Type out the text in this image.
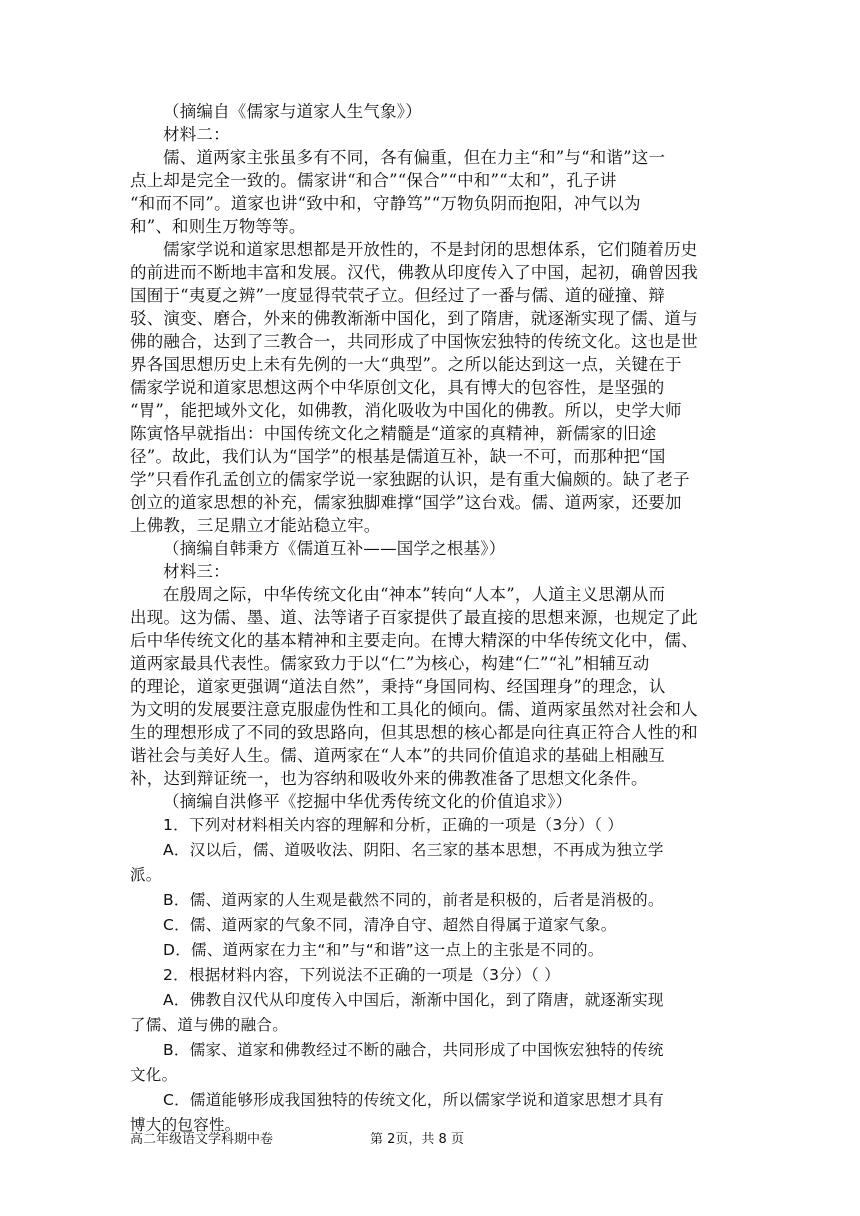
（摘编自《儒家与道家人生气象》）
材料二：
儒、道两家主张虽多有不同，各有偏重，但在力主“和”与“和谐”这一
点上却是完全一致的。儒家讲“和合”“保合”“中和”“太和”，孔子讲
“和而不同”。道家也讲“致中和，守静笃”“万物负阴而抱阳，冲气以为
和”、和则生万物等等。
儒家学说和道家思想都是开放性的，不是封闭的思想体系，它们随着历史
的前进而不断地丰富和发展。汉代，佛教从印度传入了中国，起初，确曾因我
国囿于“夷夏之辨”一度显得茕茕孑立。但经过了一番与儒、道的碰撞、辩
驳、演变、磨合，外来的佛教渐渐中国化，到了隋唐，就逐渐实现了儒、道与
佛的融合，达到了三教合一，共同形成了中国恢宏独特的传统文化。这也是世
界各国思想历史上未有先例的一大“典型”。之所以能达到这一点，关键在于
儒家学说和道家思想这两个中华原创文化，具有博大的包容性，是坚强的
“胃”，能把域外文化，如佛教，消化吸收为中国化的佛教。所以，史学大师
陈寅恪早就指出：中国传统文化之精髓是“道家的真精神，新儒家的旧途
径”。故此，我们认为“国学”的根基是儒道互补，缺一不可，而那种把“国
学”只看作孔孟创立的儒家学说一家独踞的认识，是有重大偏颇的。缺了老子
创立的道家思想的补充，儒家独脚难撑“国学”这台戏。儒、道两家，还要加
上佛教，三足鼎立才能站稳立牢。
（摘编自韩秉方《儒道互补——国学之根基》）
材料三：
在殷周之际，中华传统文化由“神本”转向“人本”，人道主义思潮从而
出现。这为儒、墨、道、法等诸子百家提供了最直接的思想来源，也规定了此
后中华传统文化的基本精神和主要走向。在博大精深的中华传统文化中，儒、
道两家最具代表性。儒家致力于以“仁”为核心，构建“仁”“礼”相辅互动
的理论，道家更强调“道法自然”，秉持“身国同构、经国理身”的理念，认
为文明的发展要注意克服虚伪性和工具化的倾向。儒、道两家虽然对社会和人
生的理想形成了不同的致思路向，但其思想的核心都是向往真正符合人性的和
谐社会与美好人生。儒、道两家在“人本”的共同价值追求的基础上相融互
补，达到辩证统一，也为容纳和吸收外来的佛教准备了思想文化条件。
（摘编自洪修平《挖掘中华优秀传统文化的价值追求》）
1．下列对材料相关内容的理解和分析，正确的一项是（3分）（ ）
A．汉以后，儒、道吸收法、阴阳、名三家的基本思想，不再成为独立学
派。
B．儒、道两家的人生观是截然不同的，前者是积极的，后者是消极的。
C．儒、道两家的气象不同，清净自守、超然自得属于道家气象。
D．儒、道两家在力主“和”与“和谐”这一点上的主张是不同的。
2．根据材料内容，下列说法不正确的一项是（3分）（ ）
A．佛教自汉代从印度传入中国后，渐渐中国化，到了隋唐，就逐渐实现
了儒、道与佛的融合。
B．儒家、道家和佛教经过不断的融合，共同形成了中国恢宏独特的传统
文化。
C．儒道能够形成我国独特的传统文化，所以儒家学说和道家思想才具有
博大的包容性。
高二年级语文学科期中卷	第 2页，共 8 页
